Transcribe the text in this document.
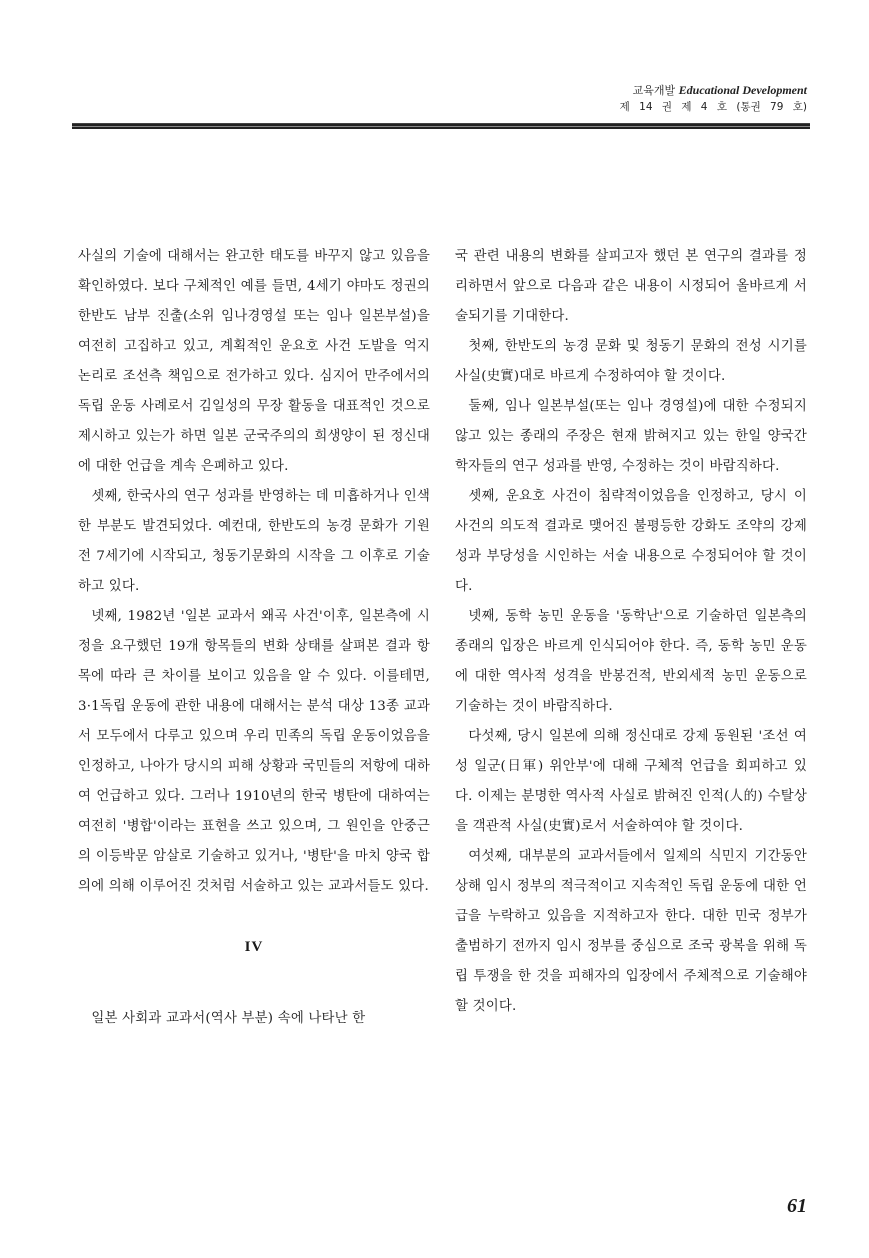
교육개발 Educational Development
제 14 권 제 4 호 (통권 79 호)

사실의 기술에 대해서는 완고한 태도를 바꾸지 않고 있음을 확인하였다. 보다 구체적인 예를 들면, 4세기 야마도 정권의 한반도 남부 진출(소위 임나경영설 또는 임나 일본부설)을 여전히 고집하고 있고, 계획적인 운요호 사건 도발을 억지 논리로 조선측 책임으로 전가하고 있다. 심지어 만주에서의 독립 운동 사례로서 김일성의 무장 활동을 대표적인 것으로 제시하고 있는가 하면 일본 군국주의의 희생양이 된 정신대에 대한 언급을 계속 은폐하고 있다.

셋째, 한국사의 연구 성과를 반영하는 데 미흡하거나 인색한 부분도 발견되었다. 예컨대, 한반도의 농경 문화가 기원전 7세기에 시작되고, 청동기문화의 시작을 그 이후로 기술하고 있다.

넷째, 1982년 '일본 교과서 왜곡 사건'이후, 일본측에 시정을 요구했던 19개 항목들의 변화 상태를 살펴본 결과 항목에 따라 큰 차이를 보이고 있음을 알 수 있다. 이를테면, 3·1독립 운동에 관한 내용에 대해서는 분석 대상 13종 교과서 모두에서 다루고 있으며 우리 민족의 독립 운동이었음을 인정하고, 나아가 당시의 피해 상황과 국민들의 저항에 대하여 언급하고 있다. 그러나 1910년의 한국 병탄에 대하여는 여전히 '병합'이라는 표현을 쓰고 있으며, 그 원인을 안중근의 이등박문 암살로 기술하고 있거나, '병탄'을 마치 양국 합의에 의해 이루어진 것처럼 서술하고 있는 교과서들도 있다.

IV

일본 사회과 교과서(역사 부분) 속에 나타난 한

국 관련 내용의 변화를 살피고자 했던 본 연구의 결과를 정리하면서 앞으로 다음과 같은 내용이 시정되어 올바르게 서술되기를 기대한다.

첫째, 한반도의 농경 문화 및 청동기 문화의 전성 시기를 사실(史實)대로 바르게 수정하여야 할 것이다.

둘째, 임나 일본부설(또는 임나 경영설)에 대한 수정되지 않고 있는 종래의 주장은 현재 밝혀지고 있는 한일 양국간 학자들의 연구 성과를 반영, 수정하는 것이 바람직하다.

셋째, 운요호 사건이 침략적이었음을 인정하고, 당시 이 사건의 의도적 결과로 맺어진 불평등한 강화도 조약의 강제성과 부당성을 시인하는 서술 내용으로 수정되어야 할 것이다.

넷째, 동학 농민 운동을 '동학난'으로 기술하던 일본측의 종래의 입장은 바르게 인식되어야 한다. 즉, 동학 농민 운동에 대한 역사적 성격을 반봉건적, 반외세적 농민 운동으로 기술하는 것이 바람직하다.

다섯째, 당시 일본에 의해 정신대로 강제 동원된 '조선 여성 일군(日軍) 위안부'에 대해 구체적 언급을 회피하고 있다. 이제는 분명한 역사적 사실로 밝혀진 인적(人的) 수탈상을 객관적 사실(史實)로서 서술하여야 할 것이다.

여섯째, 대부분의 교과서들에서 일제의 식민지 기간동안 상해 임시 정부의 적극적이고 지속적인 독립 운동에 대한 언급을 누락하고 있음을 지적하고자 한다. 대한 민국 정부가 출범하기 전까지 임시 정부를 중심으로 조국 광복을 위해 독립 투쟁을 한 것을 피해자의 입장에서 주체적으로 기술해야 할 것이다.

61
